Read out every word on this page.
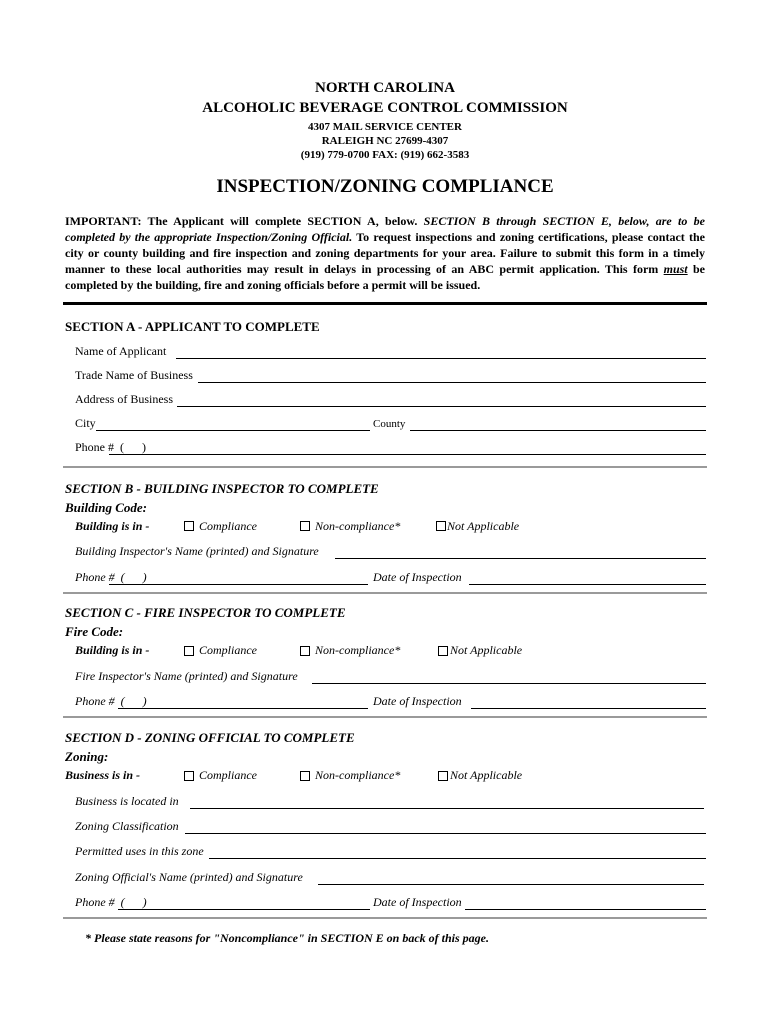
NORTH CAROLINA
ALCOHOLIC BEVERAGE CONTROL COMMISSION
4307 MAIL SERVICE CENTER
RALEIGH NC 27699-4307
(919) 779-0700 FAX: (919) 662-3583
INSPECTION/ZONING COMPLIANCE
IMPORTANT: The Applicant will complete SECTION A, below. SECTION B through SECTION E, below, are to be completed by the appropriate Inspection/Zoning Official. To request inspections and zoning certifications, please contact the city or county building and fire inspection and zoning departments for your area. Failure to submit this form in a timely manner to these local authorities may result in delays in processing of an ABC permit application. This form must be completed by the building, fire and zoning officials before a permit will be issued.
SECTION A - APPLICANT TO COMPLETE
Name of Applicant
Trade Name of Business
Address of Business
City	County
Phone #  (      )
SECTION B - BUILDING INSPECTOR TO COMPLETE
Building Code:
Building is in -	Compliance	Non-compliance*	Not Applicable
Building Inspector's Name (printed) and Signature
Phone #  (      )	Date of Inspection
SECTION C - FIRE INSPECTOR TO COMPLETE
Fire Code:
Building is in -	Compliance	Non-compliance*	Not Applicable
Fire Inspector's Name (printed) and Signature
Phone #  (      )	Date of Inspection
SECTION D - ZONING OFFICIAL TO COMPLETE
Zoning:
Business is in -	Compliance	Non-compliance*	Not Applicable
Business is located in
Zoning Classification
Permitted uses in this zone
Zoning Official's Name (printed) and Signature
Phone #  (      )	Date of Inspection
* Please state reasons for "Noncompliance" in SECTION E on back of this page.
